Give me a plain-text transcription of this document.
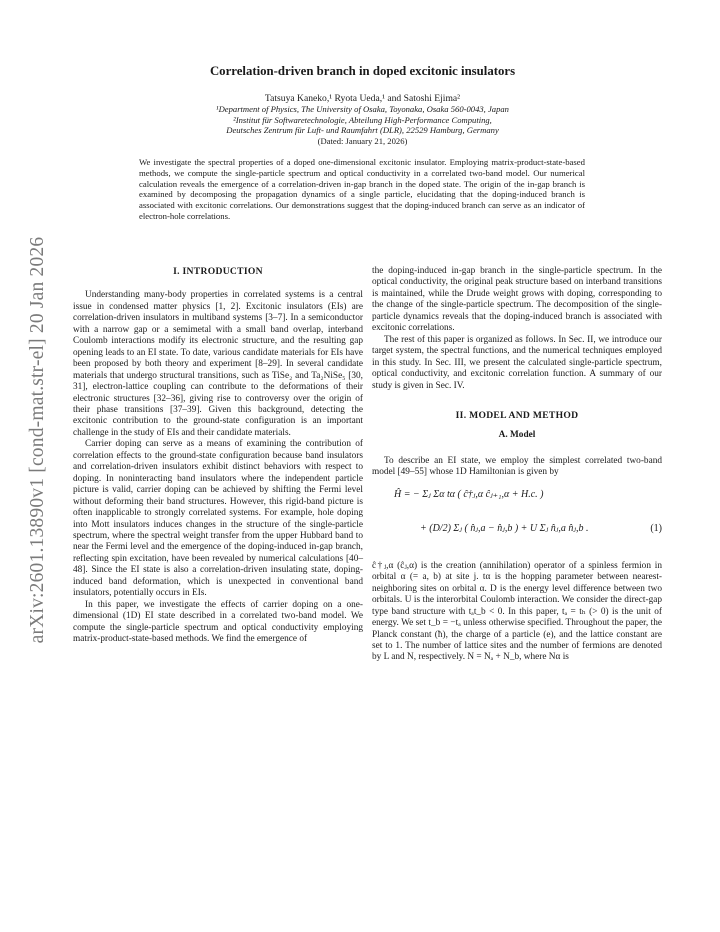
arXiv:2601.13890v1 [cond-mat.str-el] 20 Jan 2026
Correlation-driven branch in doped excitonic insulators
Tatsuya Kaneko,¹ Ryota Ueda,¹ and Satoshi Ejima²
¹Department of Physics, The University of Osaka, Toyonaka, Osaka 560-0043, Japan
²Institut für Softwaretechnologie, Abteilung High-Performance Computing,
Deutsches Zentrum für Luft- und Raumfahrt (DLR), 22529 Hamburg, Germany
(Dated: January 21, 2026)
We investigate the spectral properties of a doped one-dimensional excitonic insulator. Employing matrix-product-state-based methods, we compute the single-particle spectrum and optical conductivity in a correlated two-band model. Our numerical calculation reveals the emergence of a correlation-driven in-gap branch in the doped state. The origin of the in-gap branch is examined by decomposing the propagation dynamics of a single particle, elucidating that the doping-induced branch is associated with excitonic correlations. Our demonstrations suggest that the doping-induced branch can serve as an indicator of electron-hole correlations.
I. INTRODUCTION

Understanding many-body properties in correlated systems is a central issue in condensed matter physics [1, 2]. Excitonic insulators (EIs) are correlation-driven insulators in multiband systems [3–7]. In a semiconductor with a narrow gap or a semimetal with a small band overlap, interband Coulomb interactions modify its electronic structure, and the resulting gap opening leads to an EI state. To date, various candidate materials for EIs have been proposed by both theory and experiment [8–29]. In several candidate materials that undergo structural transitions, such as TiSe₂ and Ta₂NiSe₅ [30, 31], electron-lattice coupling can contribute to the deformations of their electronic structures [32–36], giving rise to controversy over the origin of their phase transitions [37–39]. Given this background, detecting the excitonic contribution to the ground-state configuration is an important challenge in the study of EIs and their candidate materials.

Carrier doping can serve as a means of examining the contribution of correlation effects to the ground-state configuration because band insulators and correlation-driven insulators exhibit distinct behaviors with respect to doping. In noninteracting band insulators where the independent particle picture is valid, carrier doping can be achieved by shifting the Fermi level without deforming their band structures. However, this rigid-band picture is often inapplicable to strongly correlated systems. For example, hole doping into Mott insulators induces changes in the structure of the single-particle spectrum, where the spectral weight transfer from the upper Hubbard band to near the Fermi level and the emergence of the doping-induced in-gap branch, reflecting spin excitation, have been revealed by numerical calculations [40–48]. Since the EI state is also a correlation-driven insulating state, doping-induced band deformation, which is unexpected in conventional band insulators, potentially occurs in EIs.

In this paper, we investigate the effects of carrier doping on a one-dimensional (1D) EI state described in a correlated two-band model. We compute the single-particle spectrum and optical conductivity employing matrix-product-state-based methods. We find the emergence of

the doping-induced in-gap branch in the single-particle spectrum. In the optical conductivity, the original peak structure based on interband transitions is maintained, while the Drude weight grows with doping, corresponding to the change of the single-particle spectrum. The decomposition of the single-particle dynamics reveals that the doping-induced branch is associated with excitonic correlations.

The rest of this paper is organized as follows. In Sec. II, we introduce our target system, the spectral functions, and the numerical techniques employed in this study. In Sec. III, we present the calculated single-particle spectrum, optical conductivity, and excitonic correlation function. A summary of our study is given in Sec. IV.

II. MODEL AND METHOD
A. Model

To describe an EI state, we employ the simplest correlated two-band model [49–55] whose 1D Hamiltonian is given by

Ĥ = − Σⱼ Σα tα ( ĉ†ⱼ,α ĉⱼ₊₁,α + H.c. )
+ (D/2) Σⱼ ( n̂ⱼ,a − n̂ⱼ,b ) + U Σⱼ n̂ⱼ,a n̂ⱼ,b .	(1)

ĉ†ⱼ,α (ĉⱼ,α) is the creation (annihilation) operator of a spinless fermion in orbital α (= a, b) at site j. tα is the hopping parameter between nearest-neighboring sites on orbital α. D is the energy level difference between two orbitals. U is the interorbital Coulomb interaction. We consider the direct-gap type band structure with tₐt_b < 0. In this paper, tₐ = tₕ (> 0) is the unit of energy. We set t_b = −tₐ unless otherwise specified. Throughout the paper, the Planck constant (ħ), the charge of a particle (e), and the lattice constant are set to 1. The number of lattice sites and the number of fermions are denoted by L and N, respectively. N = Nₐ + N_b, where Nα is
